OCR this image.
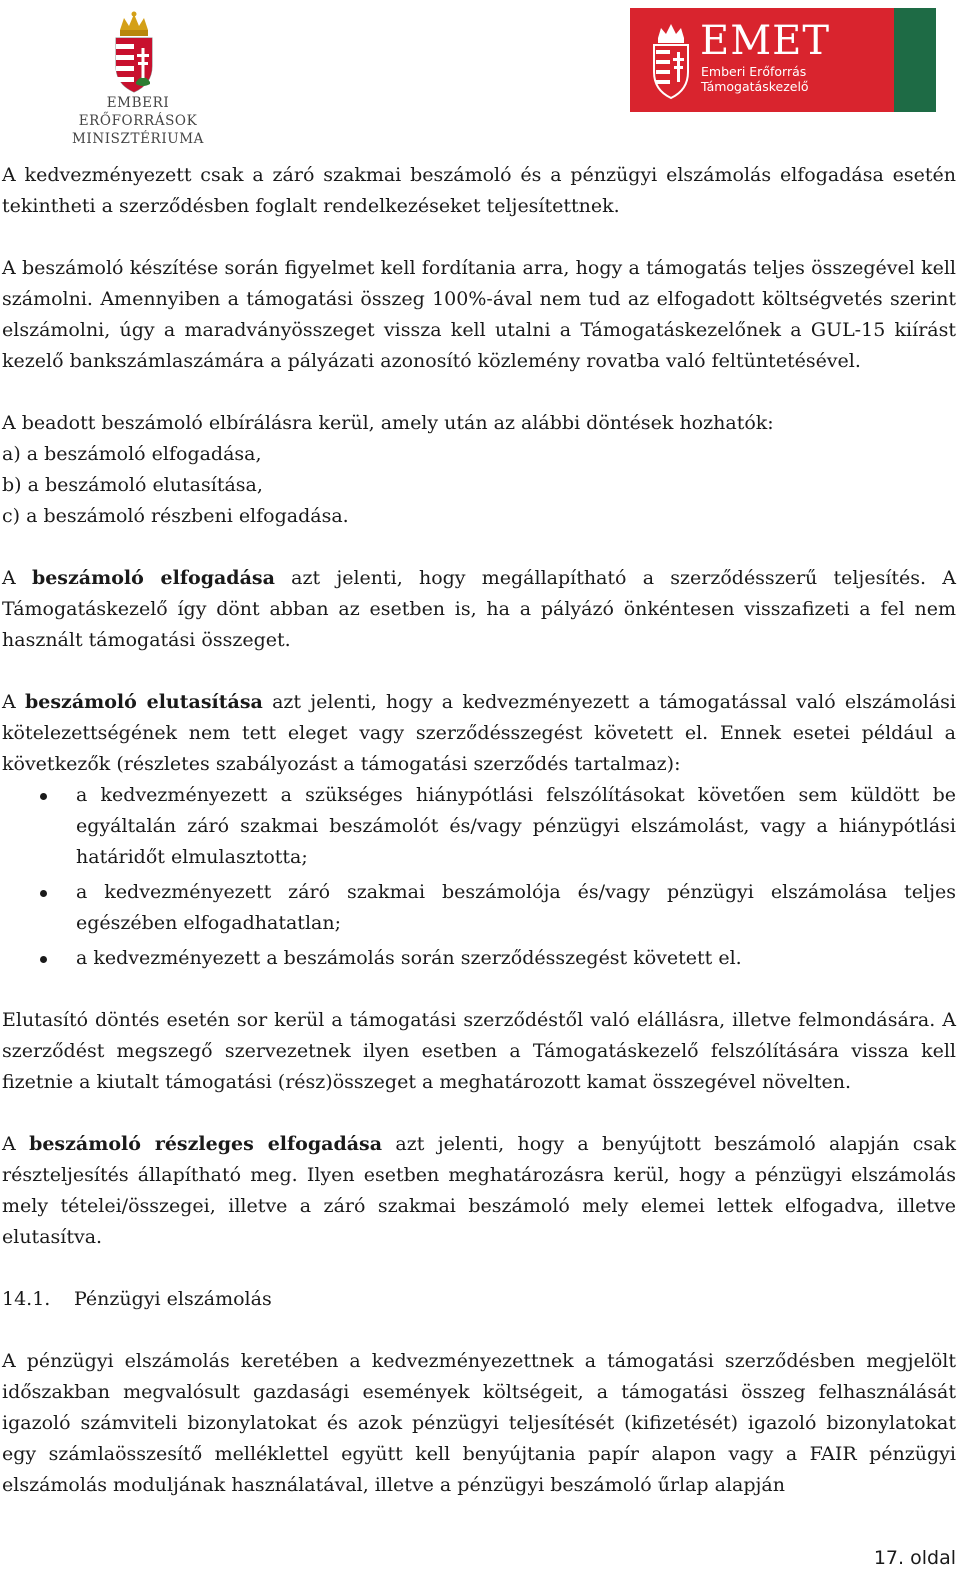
EMBERI ERŐFORRÁSOK
MINISZTÉRIUMA
EMET
Emberi Erőforrás
Támogatáskezelő

A kedvezményezett csak a záró szakmai beszámoló és a pénzügyi elszámolás elfogadása esetén tekintheti a szerződésben foglalt rendelkezéseket teljesítettnek.

A beszámoló készítése során figyelmet kell fordítania arra, hogy a támogatás teljes összegével kell számolni. Amennyiben a támogatási összeg 100%-ával nem tud az elfogadott költségvetés szerint elszámolni, úgy a maradványösszeget vissza kell utalni a Támogatáskezelőnek a GUL-15 kiírást kezelő bankszámlaszámára a pályázati azonosító közlemény rovatba való feltüntetésével.

A beadott beszámoló elbírálásra kerül, amely után az alábbi döntések hozhatók:

a) a beszámoló elfogadása,
b) a beszámoló elutasítása,
c) a beszámoló részbeni elfogadása.

A beszámoló elfogadása azt jelenti, hogy megállapítható a szerződésszerű teljesítés. A Támogatáskezelő így dönt abban az esetben is, ha a pályázó önkéntesen visszafizeti a fel nem használt támogatási összeget.

A beszámoló elutasítása azt jelenti, hogy a kedvezményezett a támogatással való elszámolási kötelezettségének nem tett eleget vagy szerződésszegést követett el. Ennek esetei például a következők (részletes szabályozást a támogatási szerződés tartalmaz):

a kedvezményezett a szükséges hiánypótlási felszólításokat követően sem küldött be egyáltalán záró szakmai beszámolót és/vagy pénzügyi elszámolást, vagy a hiánypótlási határidőt elmulasztotta;
a kedvezményezett záró szakmai beszámolója és/vagy pénzügyi elszámolása teljes egészében elfogadhatatlan;
a kedvezményezett a beszámolás során szerződésszegést követett el.

Elutasító döntés esetén sor kerül a támogatási szerződéstől való elállásra, illetve felmondására. A szerződést megszegő szervezetnek ilyen esetben a Támogatáskezelő felszólítására vissza kell fizetnie a kiutalt támogatási (rész)összeget a meghatározott kamat összegével növelten.

A beszámoló részleges elfogadása azt jelenti, hogy a benyújtott beszámoló alapján csak részteljesítés állapítható meg. Ilyen esetben meghatározásra kerül, hogy a pénzügyi elszámolás mely tételei/összegei, illetve a záró szakmai beszámoló mely elemei lettek elfogadva, illetve elutasítva.

14.1. Pénzügyi elszámolás

A pénzügyi elszámolás keretében a kedvezményezettnek a támogatási szerződésben megjelölt időszakban megvalósult gazdasági események költségeit, a támogatási összeg felhasználását igazoló számviteli bizonylatokat és azok pénzügyi teljesítését (kifizetését) igazoló bizonylatokat egy számlaösszesítő melléklettel együtt kell benyújtania papír alapon vagy a FAIR pénzügyi elszámolás moduljának használatával, illetve a pénzügyi beszámoló űrlap alapján

17. oldal
